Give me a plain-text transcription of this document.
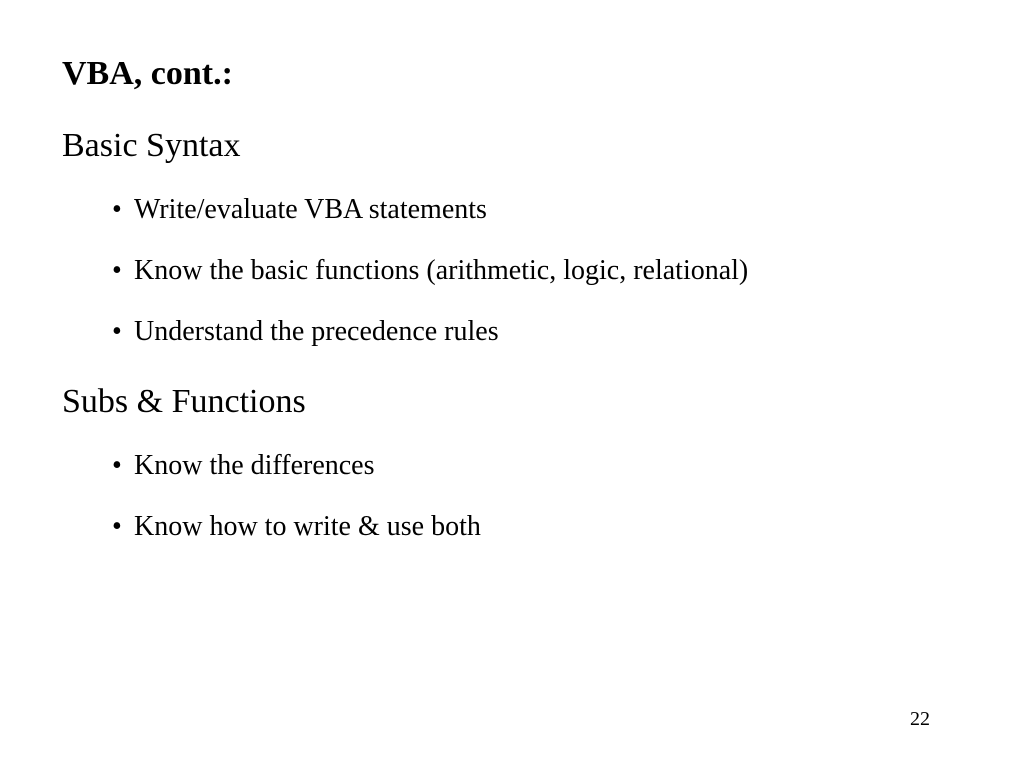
VBA, cont.:
Basic Syntax
• Write/evaluate VBA statements
• Know the basic functions (arithmetic, logic, relational)
• Understand the precedence rules
Subs & Functions
• Know the differences
• Know how to write & use both
22
